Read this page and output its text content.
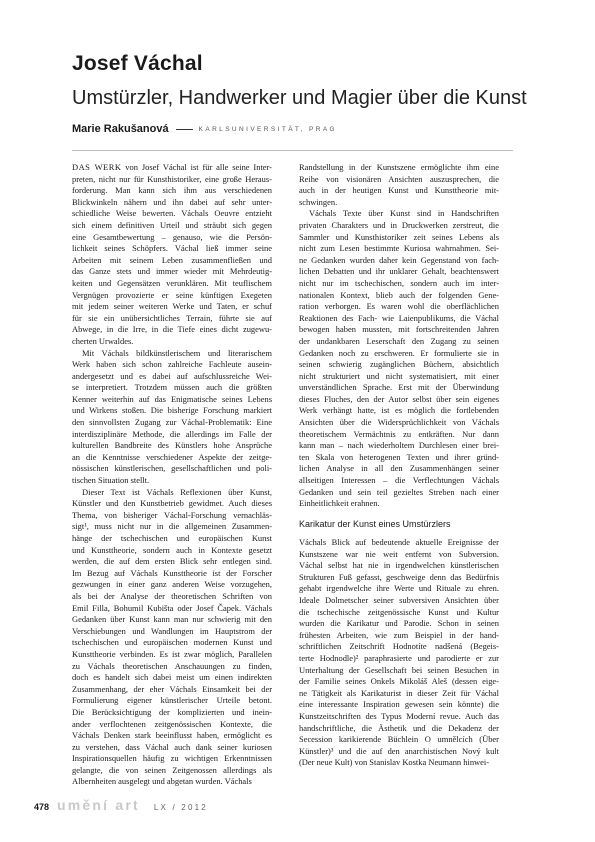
Josef Váchal
Umstürzler, Handwerker und Magier über die Kunst
Marie Rakušanová	KARLSUNIVERSITÄT, PRAG
DAS WERK von Josef Váchal ist für alle seine Inter-
preten, nicht nur für Kunsthistoriker, eine große Heraus-
forderung. Man kann sich ihm aus verschiedenen
Blickwinkeln nähern und ihn dabei auf sehr unter-
schiedliche Weise bewerten. Váchals Oeuvre entzieht
sich einem definitiven Urteil und sträubt sich gegen
eine Gesamtbewertung – genauso, wie die Persön-
lichkeit seines Schöpfers. Váchal ließ immer seine
Arbeiten mit seinem Leben zusammenfließen und
das Ganze stets und immer wieder mit Mehrdeutig-
keiten und Gegensätzen verunklären. Mit teuflischem
Vergnügen provozierte er seine künftigen Exegeten
mit jedem seiner weiteren Werke und Taten, er schuf
für sie ein unübersichtliches Terrain, führte sie auf
Abwege, in die Irre, in die Tiefe eines dicht zugewu-
cherten Urwaldes.
Mit Váchals bildkünstlerischem und literarischem
Werk haben sich schon zahlreiche Fachleute ausein-
andergesetzt und es dabei auf aufschlussreiche Wei-
se interpretiert. Trotzdem müssen auch die größten
Kenner weiterhin auf das Enigmatische seines Lebens
und Wirkens stoßen. Die bisherige Forschung markiert
den sinnvollsten Zugang zur Váchal-Problematik: Eine
interdisziplinäre Methode, die allerdings im Falle der
kulturellen Bandbreite des Künstlers hohe Ansprüche
an die Kenntnisse verschiedener Aspekte der zeitge-
nössischen künstlerischen, gesellschaftlichen und poli-
tischen Situation stellt.
Dieser Text ist Váchals Reflexionen über Kunst,
Künstler und den Kunstbetrieb gewidmet. Auch dieses
Thema, von bisheriger Váchal-Forschung vernachläs-
sigt¹, muss nicht nur in die allgemeinen Zusammen-
hänge der tschechischen und europäischen Kunst
und Kunsttheorie, sondern auch in Kontexte gesetzt
werden, die auf dem ersten Blick sehr entlegen sind.
Im Bezug auf Váchals Kunsttheorie ist der Forscher
gezwungen in einer ganz anderen Weise vorzugehen,
als bei der Analyse der theoretischen Schriften von
Emil Filla, Bohumil Kubišta oder Josef Čapek. Váchals
Gedanken über Kunst kann man nur schwierig mit den
Verschiebungen und Wandlungen im Hauptstrom der
tschechischen und europäischen modernen Kunst und
Kunsttheorie verbinden. Es ist zwar möglich, Parallelen
zu Váchals theoretischen Anschauungen zu finden,
doch es handelt sich dabei meist um einen indirekten
Zusammenhang, der eher Váchals Einsamkeit bei der
Formulierung eigener künstlerischer Urteile betont.
Die Berücksichtigung der komplizierten und inein-
ander verflochtenen zeitgenössischen Kontexte, die
Váchals Denken stark beeinflusst haben, ermöglicht es
zu verstehen, dass Váchal auch dank seiner kuriosen
Inspirationsquellen häufig zu wichtigen Erkenntnissen
gelangte, die von seinen Zeitgenossen allerdings als
Albernheiten ausgelegt und abgetan wurden. Váchals
Randstellung in der Kunstszene ermöglichte ihm eine
Reihe von visionären Ansichten auszusprechen, die
auch in der heutigen Kunst und Kunsttheorie mit-
schwingen.
Váchals Texte über Kunst sind in Handschriften
privaten Charakters und in Druckwerken zerstreut, die
Sammler und Kunsthistoriker zeit seines Lebens als
nicht zum Lesen bestimmte Kuriosa wahrnahmen. Sei-
ne Gedanken wurden daher kein Gegenstand von fach-
lichen Debatten und ihr unklarer Gehalt, beachtenswert
nicht nur im tschechischen, sondern auch im inter-
nationalen Kontext, blieb auch der folgenden Gene-
ration verborgen. Es waren wohl die oberflächlichen
Reaktionen des Fach- wie Laienpublikums, die Váchal
bewogen haben mussten, mit fortschreitenden Jahren
der undankbaren Leserschaft den Zugang zu seinen
Gedanken noch zu erschweren. Er formulierte sie in
seinen schwierig zugänglichen Büchern, absichtlich
nicht strukturiert und nicht systematisiert, mit einer
unverständlichen Sprache. Erst mit der Überwindung
dieses Fluches, den der Autor selbst über sein eigenes
Werk verhängt hatte, ist es möglich die fortlebenden
Ansichten über die Widersprüchlichkeit von Váchals
theoretischem Vermächtnis zu entkräften. Nur dann
kann man – nach wiederholtem Durchlesen einer brei-
ten Skala von heterogenen Texten und ihrer gründ-
lichen Analyse in all den Zusammenhängen seiner
allseitigen Interessen – die Verflechtungen Váchals
Gedanken und sein teil gezieltes Streben nach einer
Einheitlichkeit erahnen.
Karikatur der Kunst eines Umstürzlers
Váchals Blick auf bedeutende aktuelle Ereignisse der
Kunstszene war nie weit entfernt von Subversion.
Váchal selbst hat nie in irgendwelchen künstlerischen
Strukturen Fuß gefasst, geschweige denn das Bedürfnis
gehabt irgendwelche ihre Werte und Rituale zu ehren.
Ideale Dolmetscher seiner subversiven Ansichten über
die tschechische zeitgenössische Kunst und Kultur
wurden die Karikatur und Parodie. Schon in seinen
frühesten Arbeiten, wie zum Beispiel in der hand-
schriftlichen Zeitschrift Hodnotíte nadšená (Begeis-
terte Hodnodle)² paraphrasierte und parodierte er zur
Unterhaltung der Gesellschaft bei seinen Besuchen in
der Familie seines Onkels Mikoláš Aleš (dessen eige-
ne Tätigkeit als Karikaturist in dieser Zeit für Váchal
eine interessante Inspiration gewesen sein könnte) die
Kunstzeitschriften des Typus Moderní revue. Auch das
handschriftliche, die Ästhetik und die Dekadenz der
Secession karikierende Büchlein O umnělcích (Über
Künstler)³ und die auf den anarchistischen Nový kult
(Der neue Kult) von Stanislav Kostka Neumann hinwei-
478 umění art LX / 2012
